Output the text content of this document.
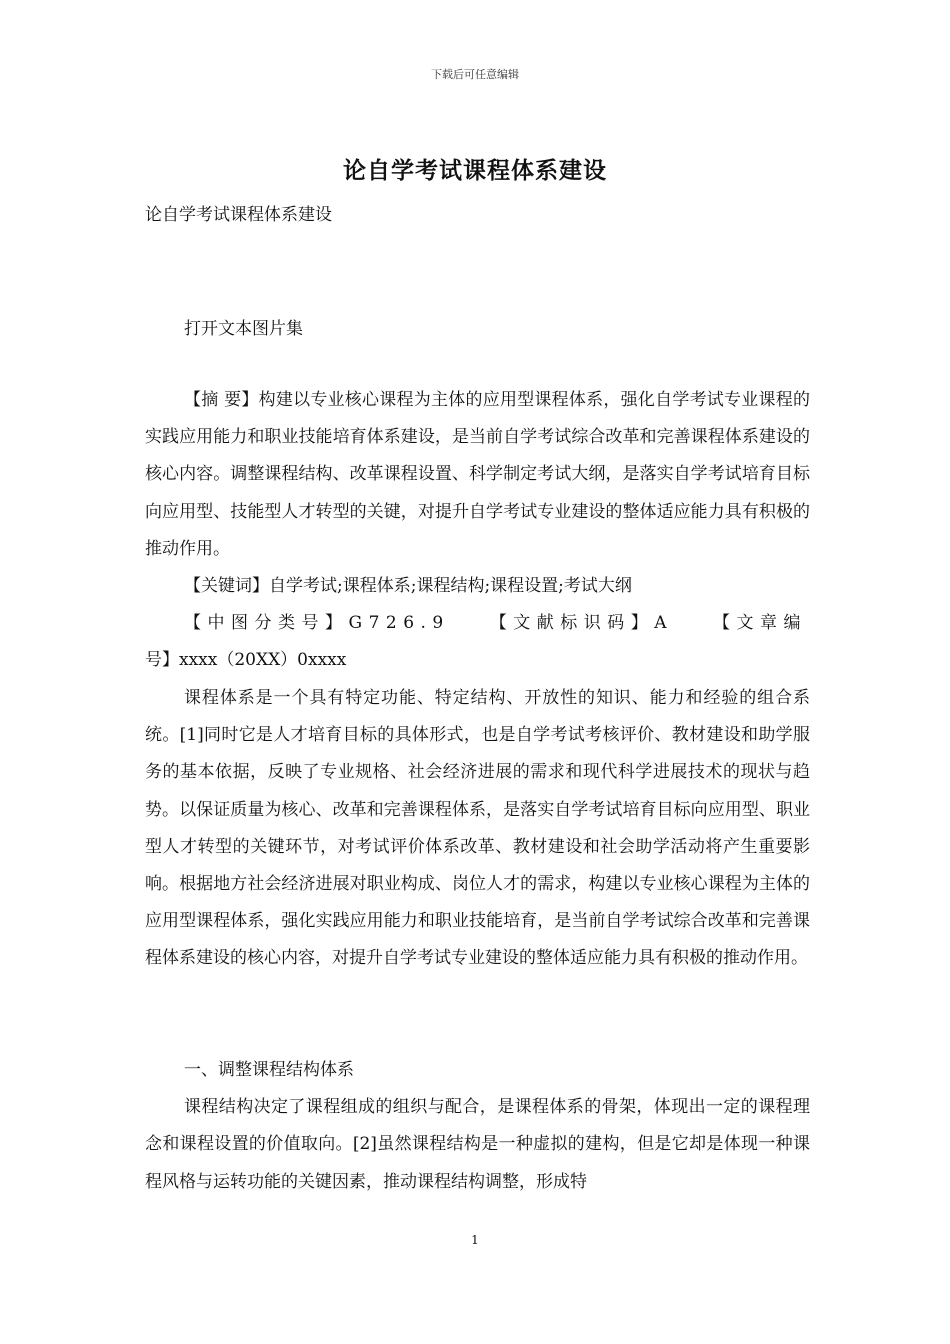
下载后可任意编辑
论自学考试课程体系建设
论自学考试课程体系建设
打开文本图片集

【摘 要】构建以专业核心课程为主体的应用型课程体系，强化自学考试专业课程的实践应用能力和职业技能培育体系建设，是当前自学考试综合改革和完善课程体系建设的核心内容。调整课程结构、改革课程设置、科学制定考试大纲，是落实自学考试培育目标向应用型、技能型人才转型的关键，对提升自学考试专业建设的整体适应能力具有积极的推动作用。

【关键词】自学考试;课程体系;课程结构;课程设置;考试大纲

【中图分类号】G726.9 【文献标识码】A 【文章编

号】xxxx（20XX）0xxxx

课程体系是一个具有特定功能、特定结构、开放性的知识、能力和经验的组合系统。[1]同时它是人才培育目标的具体形式，也是自学考试考核评价、教材建设和助学服务的基本依据，反映了专业规格、社会经济进展的需求和现代科学进展技术的现状与趋势。以保证质量为核心、改革和完善课程体系，是落实自学考试培育目标向应用型、职业型人才转型的关键环节，对考试评价体系改革、教材建设和社会助学活动将产生重要影响。根据地方社会经济进展对职业构成、岗位人才的需求，构建以专业核心课程为主体的应用型课程体系，强化实践应用能力和职业技能培育，是当前自学考试综合改革和完善课程体系建设的核心内容，对提升自学考试专业建设的整体适应能力具有积极的推动作用。

一、调整课程结构体系

课程结构决定了课程组成的组织与配合，是课程体系的骨架，体现出一定的课程理念和课程设置的价值取向。[2]虽然课程结构是一种虚拟的建构，但是它却是体现一种课程风格与运转功能的关键因素，推动课程结构调整，形成特

1
